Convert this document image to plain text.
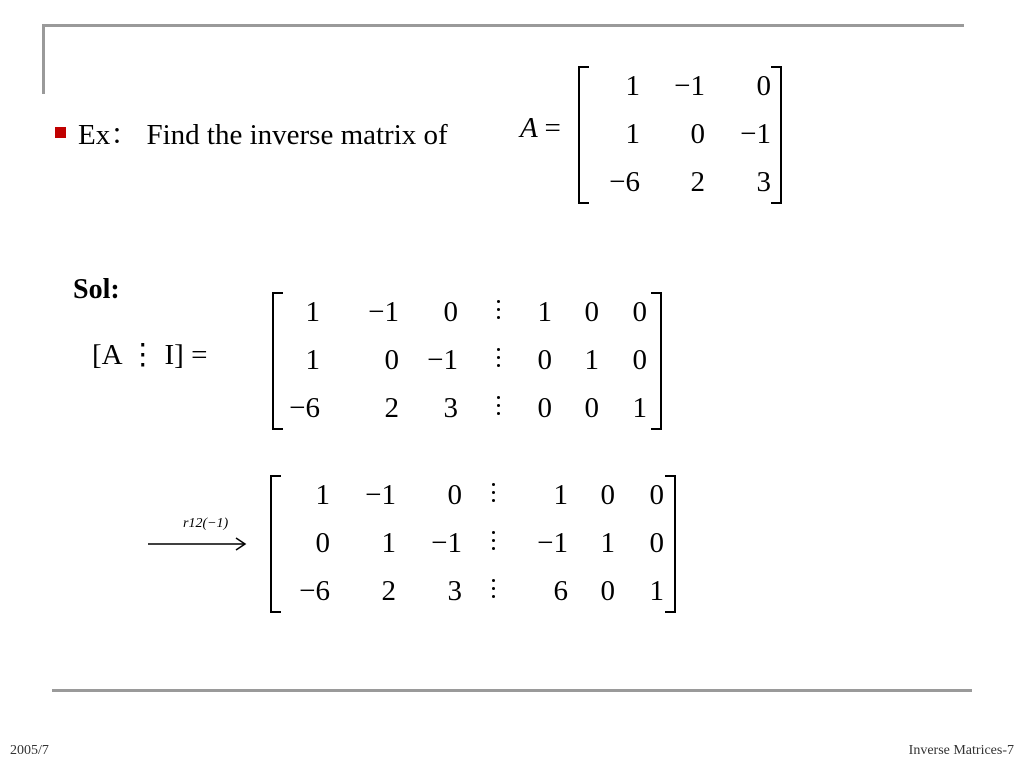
Ex： Find the inverse matrix of A =
1	−1	0
1	0	−1
−6	2	3
Sol:
[A ⋮ I] =
1	−1	0	1	0	0
1	0 −1	0	1	0
−6	2	3	0	0	1
r12(−1)
1	−1	0	1	0	0
0	1	−1	−1	1	0
−6	2	3	6	0	1
2005/7	Inverse Matrices-7
